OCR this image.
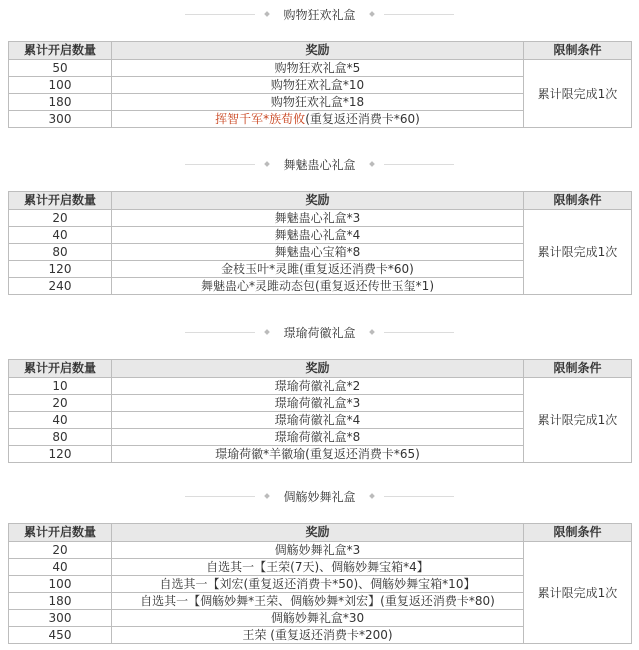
购物狂欢礼盒
累计开启数量	奖励	限制条件
50	购物狂欢礼盒*5	累计限完成1次
100	购物狂欢礼盒*10	
180	购物狂欢礼盒*18	
300	挥智千军*族荀攸(重复返还消费卡*60)	
舞魅蛊心礼盒
累计开启数量	奖励	限制条件
20	舞魅蛊心礼盒*3	累计限完成1次
40	舞魅蛊心礼盒*4	
80	舞魅蛊心宝箱*8	
120	金枝玉叶*灵雎(重复返还消费卡*60)	
240	舞魅蛊心*灵雎动态包(重复返还传世玉玺*1)	
璟瑜荷徽礼盒
累计开启数量	奖励	限制条件
10	璟瑜荷徽礼盒*2	累计限完成1次
20	璟瑜荷徽礼盒*3	
40	璟瑜荷徽礼盒*4	
80	璟瑜荷徽礼盒*8	
120	璟瑜荷徽*羊徽瑜(重复返还消费卡*65)	
倜觞妙舞礼盒
累计开启数量	奖励	限制条件
20	倜觞妙舞礼盒*3	累计限完成1次
40	自选其一【王荣(7天)、倜觞妙舞宝箱*4】	
100	自选其一【刘宏(重复返还消费卡*50)、倜觞妙舞宝箱*10】	
180	自选其一【倜觞妙舞*王荣、倜觞妙舞*刘宏】(重复返还消费卡*80)	
300	倜觞妙舞礼盒*30	
450	王荣 (重复返还消费卡*200)	
